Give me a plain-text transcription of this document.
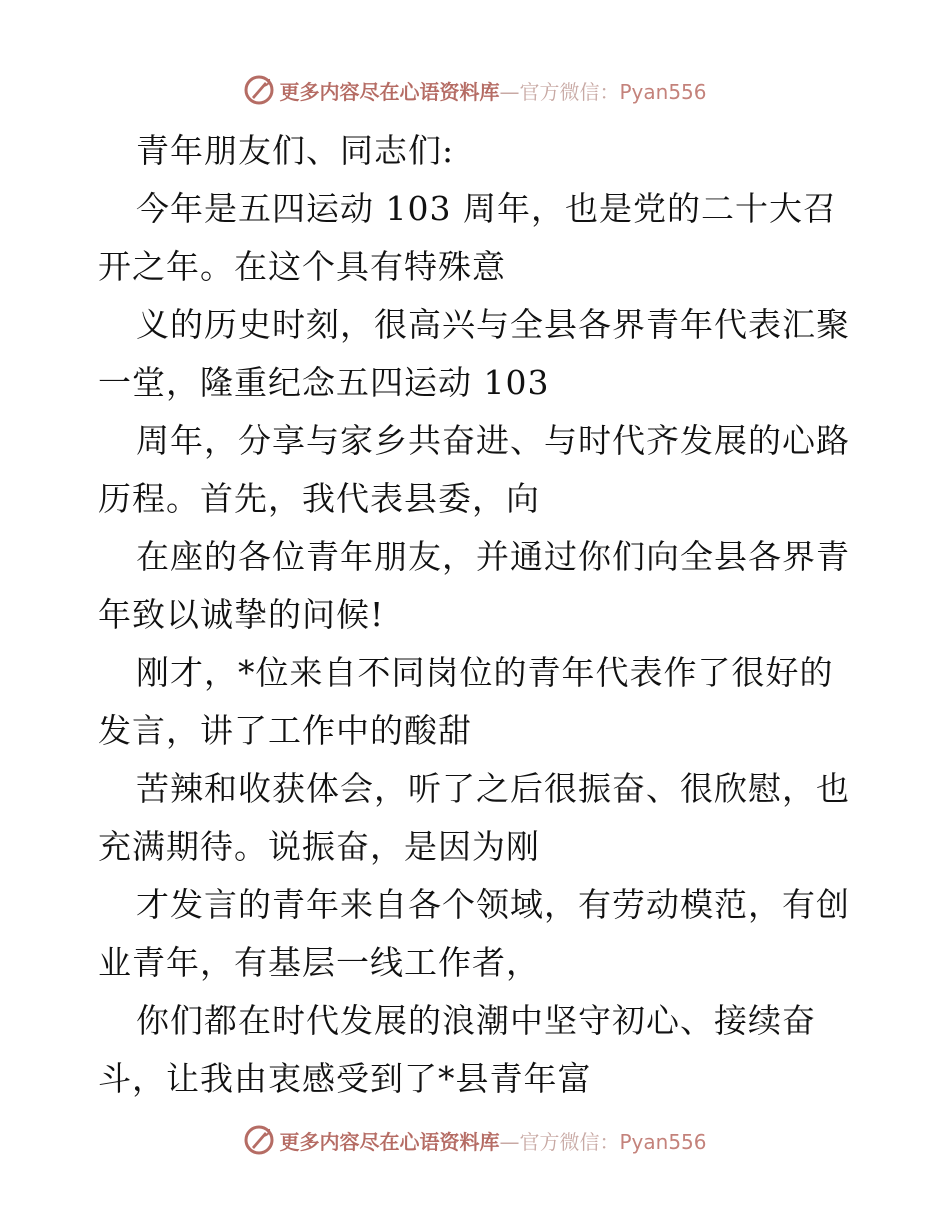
更多内容尽在心语资料库—官方微信：Pyan556
青年朋友们、同志们:
今年是五四运动 103 周年，也是党的二十大召
开之年。在这个具有特殊意
义的历史时刻，很高兴与全县各界青年代表汇聚
一堂，隆重纪念五四运动 103
周年，分享与家乡共奋进、与时代齐发展的心路
历程。首先，我代表县委，向
在座的各位青年朋友，并通过你们向全县各界青
年致以诚挚的问候!
刚才，*位来自不同岗位的青年代表作了很好的
发言，讲了工作中的酸甜
苦辣和收获体会，听了之后很振奋、很欣慰，也
充满期待。说振奋，是因为刚
才发言的青年来自各个领域，有劳动模范，有创
业青年，有基层一线工作者，
你们都在时代发展的浪潮中坚守初心、接续奋
斗，让我由衷感受到了*县青年富
更多内容尽在心语资料库—官方微信：Pyan556
